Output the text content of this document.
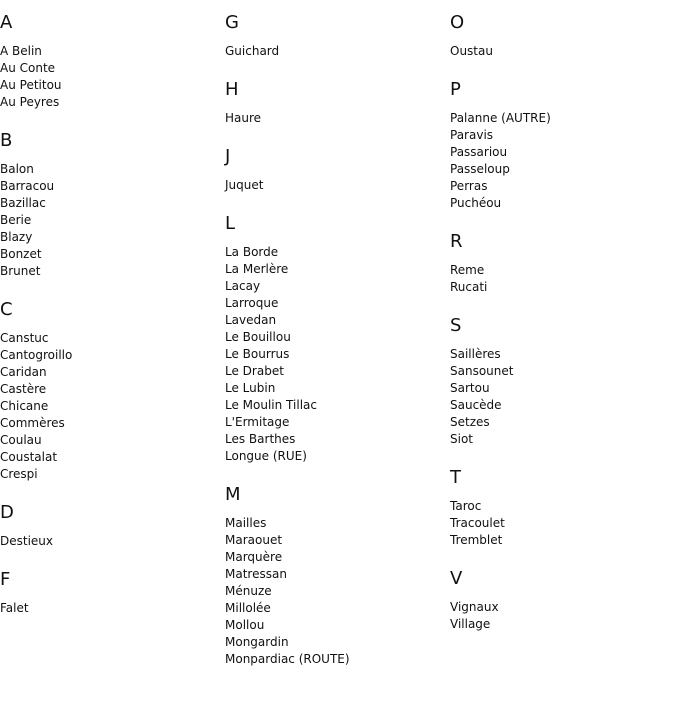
A
A Belin
Au Conte
Au Petitou
Au Peyres
B
Balon
Barracou
Bazillac
Berie
Blazy
Bonzet
Brunet
C
Canstuc
Cantogroillo
Caridan
Castère
Chicane
Commères
Coulau
Coustalat
Crespi
D
Destieux
F
Falet
G
Guichard
H
Haure
J
Juquet
L
La Borde
La Merlère
Lacay
Larroque
Lavedan
Le Bouillou
Le Bourrus
Le Drabet
Le Lubin
Le Moulin Tillac
L'Ermitage
Les Barthes
Longue (RUE)
M
Mailles
Maraouet
Marquère
Matressan
Ménuze
Millolée
Mollou
Mongardin
Monpardiac (ROUTE)
O
Oustau
P
Palanne (AUTRE)
Paravis
Passariou
Passeloup
Perras
Puchéou
R
Reme
Rucati
S
Saillères
Sansounet
Sartou
Saucède
Setzes
Siot
T
Taroc
Tracoulet
Tremblet
V
Vignaux
Village
